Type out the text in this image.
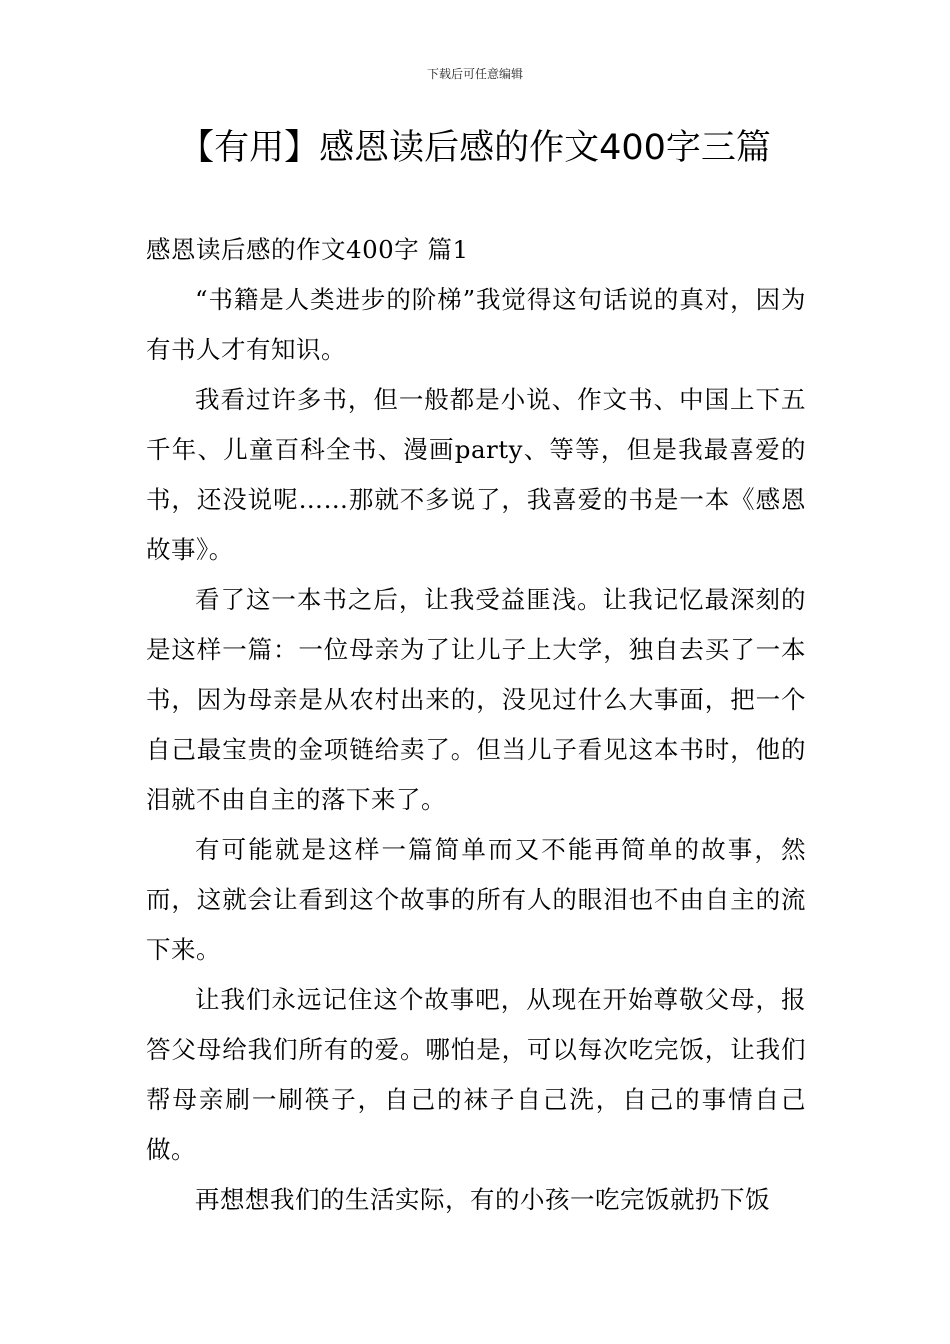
下载后可任意编辑
【有用】感恩读后感的作文400字三篇
感恩读后感的作文400字 篇1

“书籍是人类进步的阶梯”我觉得这句话说的真对，因为有书人才有知识。

我看过许多书，但一般都是小说、作文书、中国上下五千年、儿童百科全书、漫画party、等等，但是我最喜爱的书，还没说呢……那就不多说了，我喜爱的书是一本《感恩故事》。

看了这一本书之后，让我受益匪浅。让我记忆最深刻的是这样一篇：一位母亲为了让儿子上大学，独自去买了一本书，因为母亲是从农村出来的，没见过什么大事面，把一个自己最宝贵的金项链给卖了。但当儿子看见这本书时，他的泪就不由自主的落下来了。

有可能就是这样一篇简单而又不能再简单的故事，然而，这就会让看到这个故事的所有人的眼泪也不由自主的流下来。

让我们永远记住这个故事吧，从现在开始尊敬父母，报答父母给我们所有的爱。哪怕是，可以每次吃完饭，让我们帮母亲刷一刷筷子，自己的袜子自己洗，自己的事情自己做。

再想想我们的生活实际，有的小孩一吃完饭就扔下饭
